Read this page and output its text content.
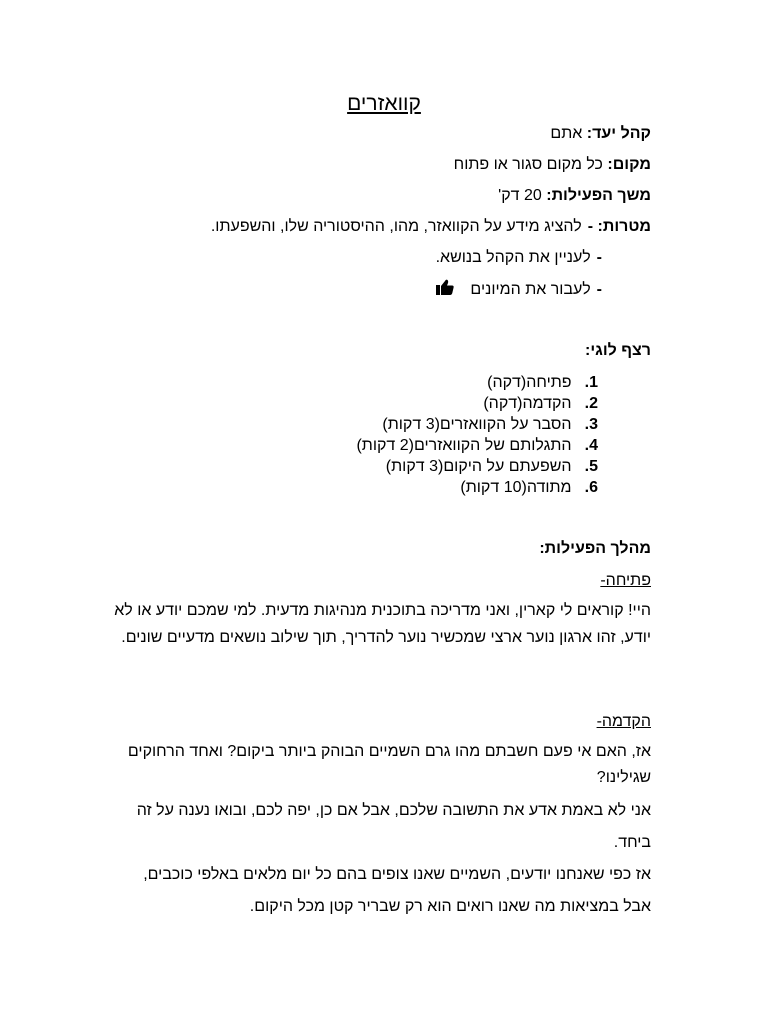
קוואזרים
קהל יעד: אתם
מקום: כל מקום סגור או פתוח
משך הפעילות: 20 דק'
מטרות: -להציג מידע על הקוואזר, מהו, ההיסטוריה שלו, והשפעתו.
-לעניין את הקהל בנושא.
-לעבור את המיונים
רצף לוגי:
1. פתיחה(דקה)
2. הקדמה(דקה)
3. הסבר על הקוואזרים(3 דקות)
4. התגלותם של הקוואזרים(2 דקות)
5. השפעתם על היקום(3 דקות)
6. מתודה(10 דקות)
מהלך הפעילות:
פתיחה-
היי! קוראים לי קארין, ואני מדריכה בתוכנית מנהיגות מדעית. למי שמכם יודע או לא יודע, זהו ארגון נוער ארצי שמכשיר נוער להדריך, תוך שילוב נושאים מדעיים שונים.
הקדמה-
אז, האם אי פעם חשבתם מהו גרם השמיים הבוהק ביותר ביקום? ואחד הרחוקים שגילינו?
אני לא באמת אדע את התשובה שלכם, אבל אם כן, יפה לכם, ובואו נענה על זה ביחד.
אז כפי שאנחנו יודעים, השמיים שאנו צופים בהם כל יום מלאים באלפי כוכבים, אבל במציאות מה שאנו רואים הוא רק שבריר קטן מכל היקום.
